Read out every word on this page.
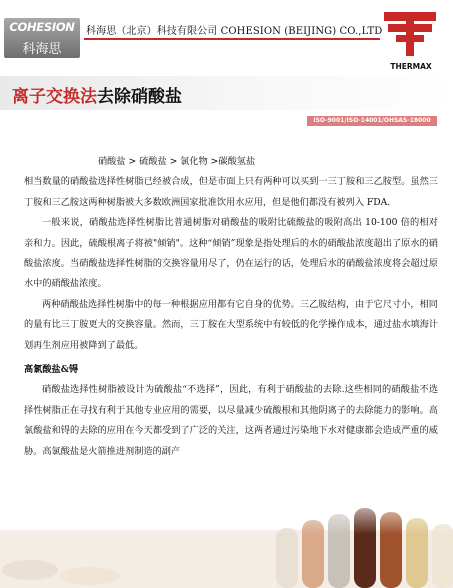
COHESION
科海思
科海思（北京）科技有限公司 COHESION (BEIJING) CO.,LTD
THERMAX
离子交换法去除硝酸盐
ISO-9001/ISO-14001/OHSAS-18000

硝酸盐 > 硫酸盐 > 氯化物 >碳酸氢盐

相当数量的硝酸盐选择性树脂已经被合成，但是市面上只有两种可以买到一三丁胺和三乙胺型。虽然三丁胺和三乙胺这两种树脂被大多数欧洲国家批准饮用水应用，但是他们都没有被列入 FDA.

一般来说，硝酸盐选择性树脂比普通树脂对硝酸盐的吸附比硫酸盐的吸附高出 10-100 倍的相对亲和力。因此，硫酸根离子将被"倾销"。这种“倾销”现象是指处理后的水的硝酸盐浓度超出了原水的硝酸盐浓度。当硝酸盐选择性树脂的交换容量用尽了，仍在运行的话，处理后水的硝酸盐浓度将会超过原水中的硝酸盐浓度。

两种硝酸盐选择性树脂中的每一种根据应用都有它自身的优势。三乙胺结构，由于它尺寸小，相同的量有比三丁胺更大的交换容量。然而，三丁胺在大型系统中有较低的化学操作成本，通过盐水填海计划再生剂应用被降到了最低。

高氯酸盐&锝

硝酸盐选择性树脂被设计为硫酸盐“不选择”，因此，有利于硝酸盐的去除.这些相同的硝酸盐不选择性树脂正在寻找有利于其他专业应用的需要，以尽量减少硫酸根和其他阴离子的去除能力的影响。高氯酸盐和锝的去除的应用在今天都受到了广泛的关注，这两者通过污染地下水对健康都会造成严重的威胁。高氯酸盐是火箭推进剂制造的副产
